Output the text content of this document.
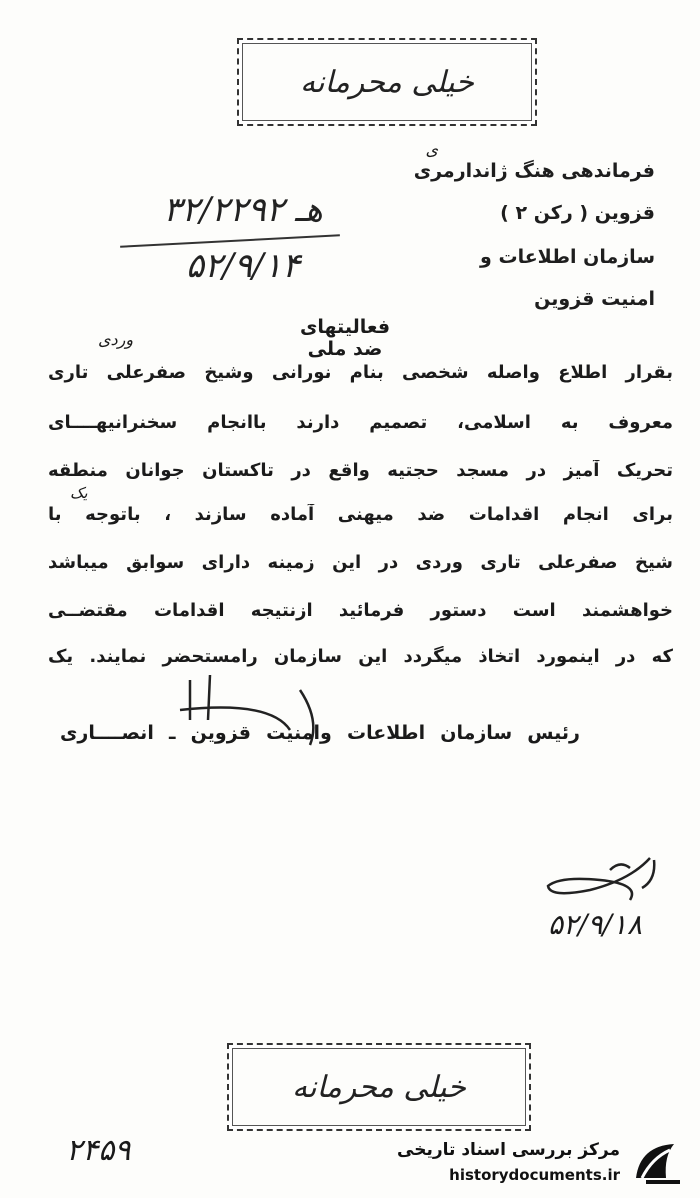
خیلی محرمانه
ی
فرماندهی هنگ ژاندارمری
قزوین ( رکن ۲ )
سازمان اطلاعات و
امنیت قزوین
۳۲/۲۲۹۲ هـ
۵۲/۹/۱۴
فعالیتهای ضد ملی
وردی
بقرار اطلاع واصله شخصی بنام نورانی وشیخ صفرعلی تاری
معروف به اسلامی، تصمیم دارند باانجام سخنرانیهــــای
تحریک آمیز در مسجد حجتیه واقع در تاکستان جوانان منطقه
یک
برای انجام اقدامات ضد میهنی آماده سازند ، باتوجه با
شیخ صفرعلی تاری وردی در این زمینه دارای سوابق میباشد
خواهشمند است دستور فرمائید ازنتیجه اقدامات مقتضــی
که در اینمورد اتخاذ میگردد این سازمان رامستحضر نمایند. یک
رئیس سازمان اطلاعات وامنیت قزوین ـ انصــــاری
۵۲/۹/۱۸
خیلی محرمانه
۲۴۵۹	مرکز بررسی اسناد تاریخی
historydocuments.ir
